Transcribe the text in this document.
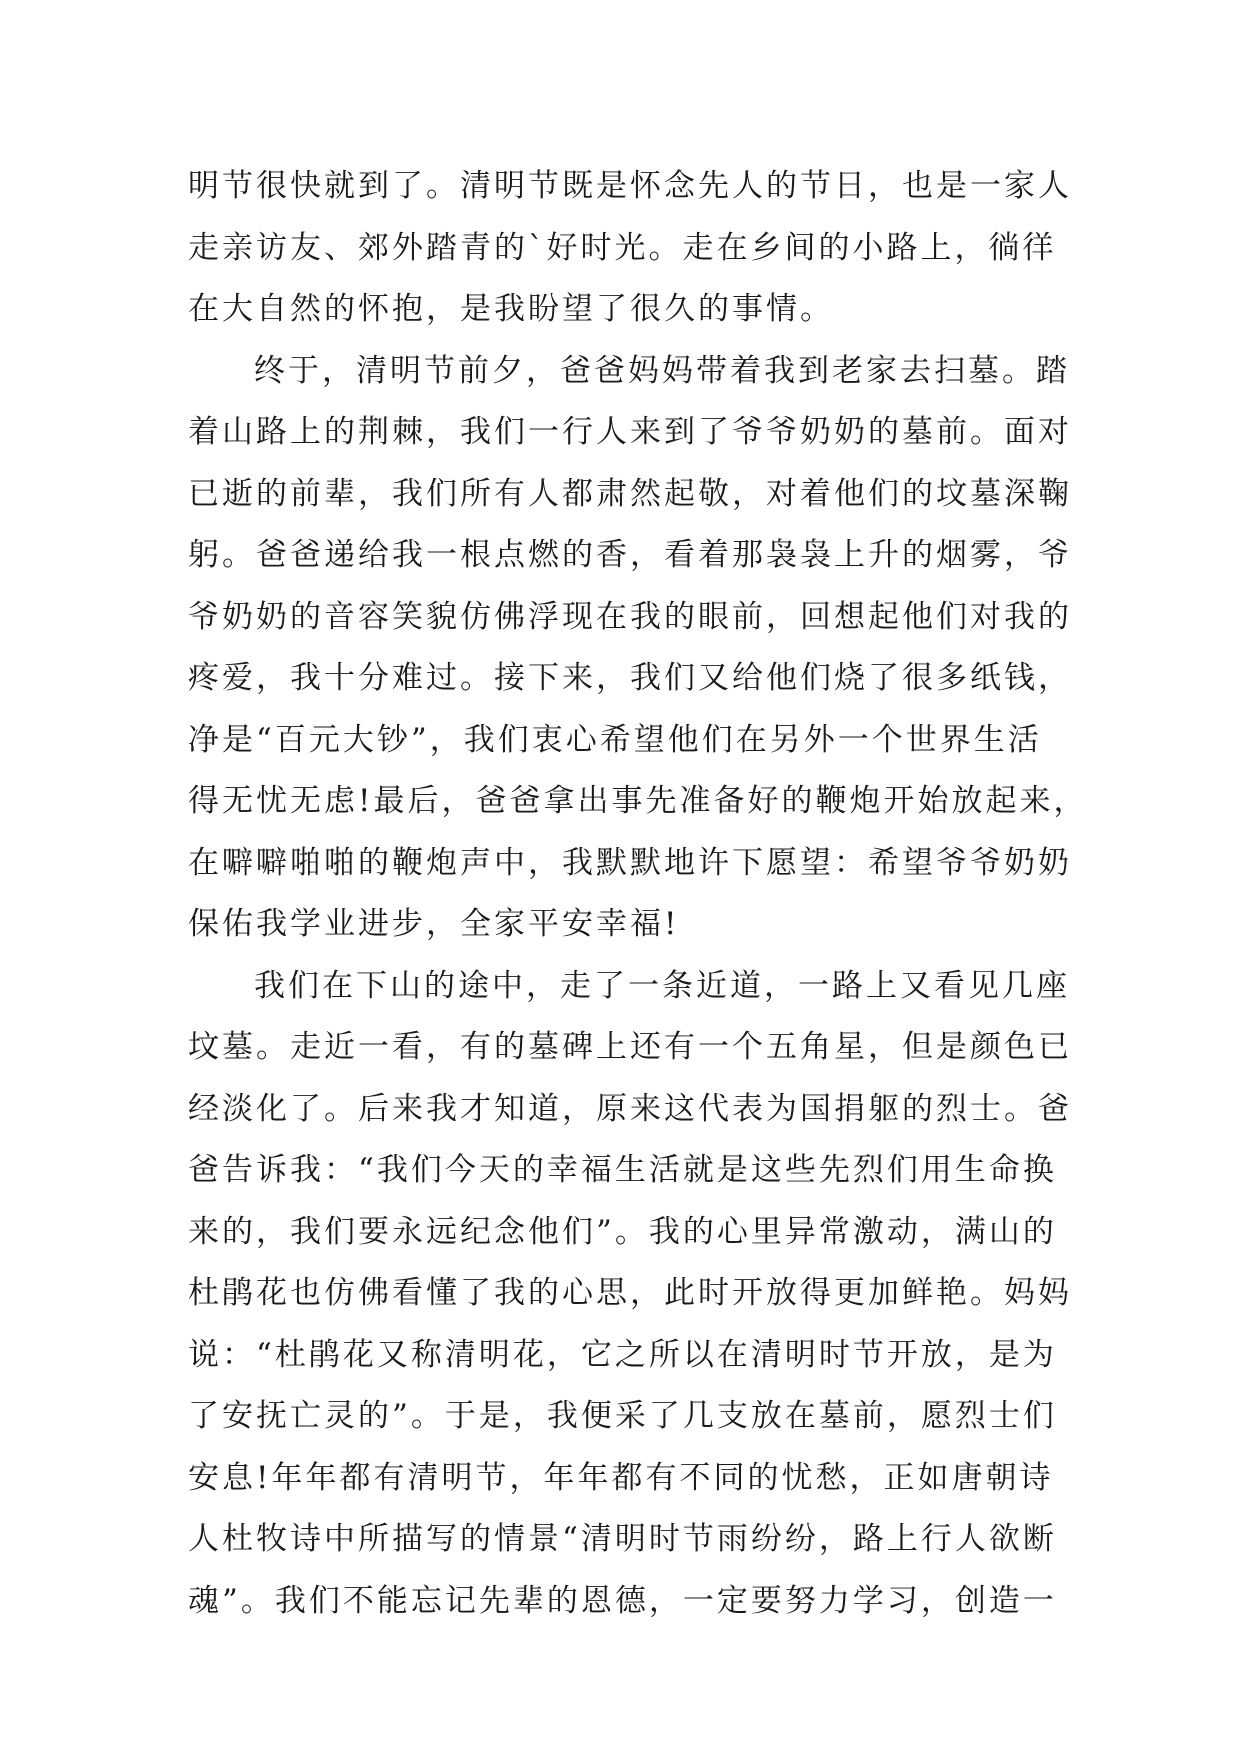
明节很快就到了。清明节既是怀念先人的节日，也是一家人
走亲访友、郊外踏青的`好时光。走在乡间的小路上，徜徉
在大自然的怀抱，是我盼望了很久的事情。
终于，清明节前夕，爸爸妈妈带着我到老家去扫墓。踏
着山路上的荆棘，我们一行人来到了爷爷奶奶的墓前。面对
已逝的前辈，我们所有人都肃然起敬，对着他们的坟墓深鞠
躬。爸爸递给我一根点燃的香，看着那袅袅上升的烟雾，爷
爷奶奶的音容笑貌仿佛浮现在我的眼前，回想起他们对我的
疼爱，我十分难过。接下来，我们又给他们烧了很多纸钱，
净是“百元大钞”，我们衷心希望他们在另外一个世界生活
得无忧无虑!最后，爸爸拿出事先准备好的鞭炮开始放起来，
在噼噼啪啪的鞭炮声中，我默默地许下愿望：希望爷爷奶奶
保佑我学业进步，全家平安幸福!
我们在下山的途中，走了一条近道，一路上又看见几座
坟墓。走近一看，有的墓碑上还有一个五角星，但是颜色已
经淡化了。后来我才知道，原来这代表为国捐躯的烈士。爸
爸告诉我：“我们今天的幸福生活就是这些先烈们用生命换
来的，我们要永远纪念他们”。我的心里异常激动，满山的
杜鹃花也仿佛看懂了我的心思，此时开放得更加鲜艳。妈妈
说：“杜鹃花又称清明花，它之所以在清明时节开放，是为
了安抚亡灵的”。于是，我便采了几支放在墓前，愿烈士们
安息!年年都有清明节，年年都有不同的忧愁，正如唐朝诗
人杜牧诗中所描写的情景“清明时节雨纷纷，路上行人欲断
魂”。我们不能忘记先辈的恩德，一定要努力学习，创造一
